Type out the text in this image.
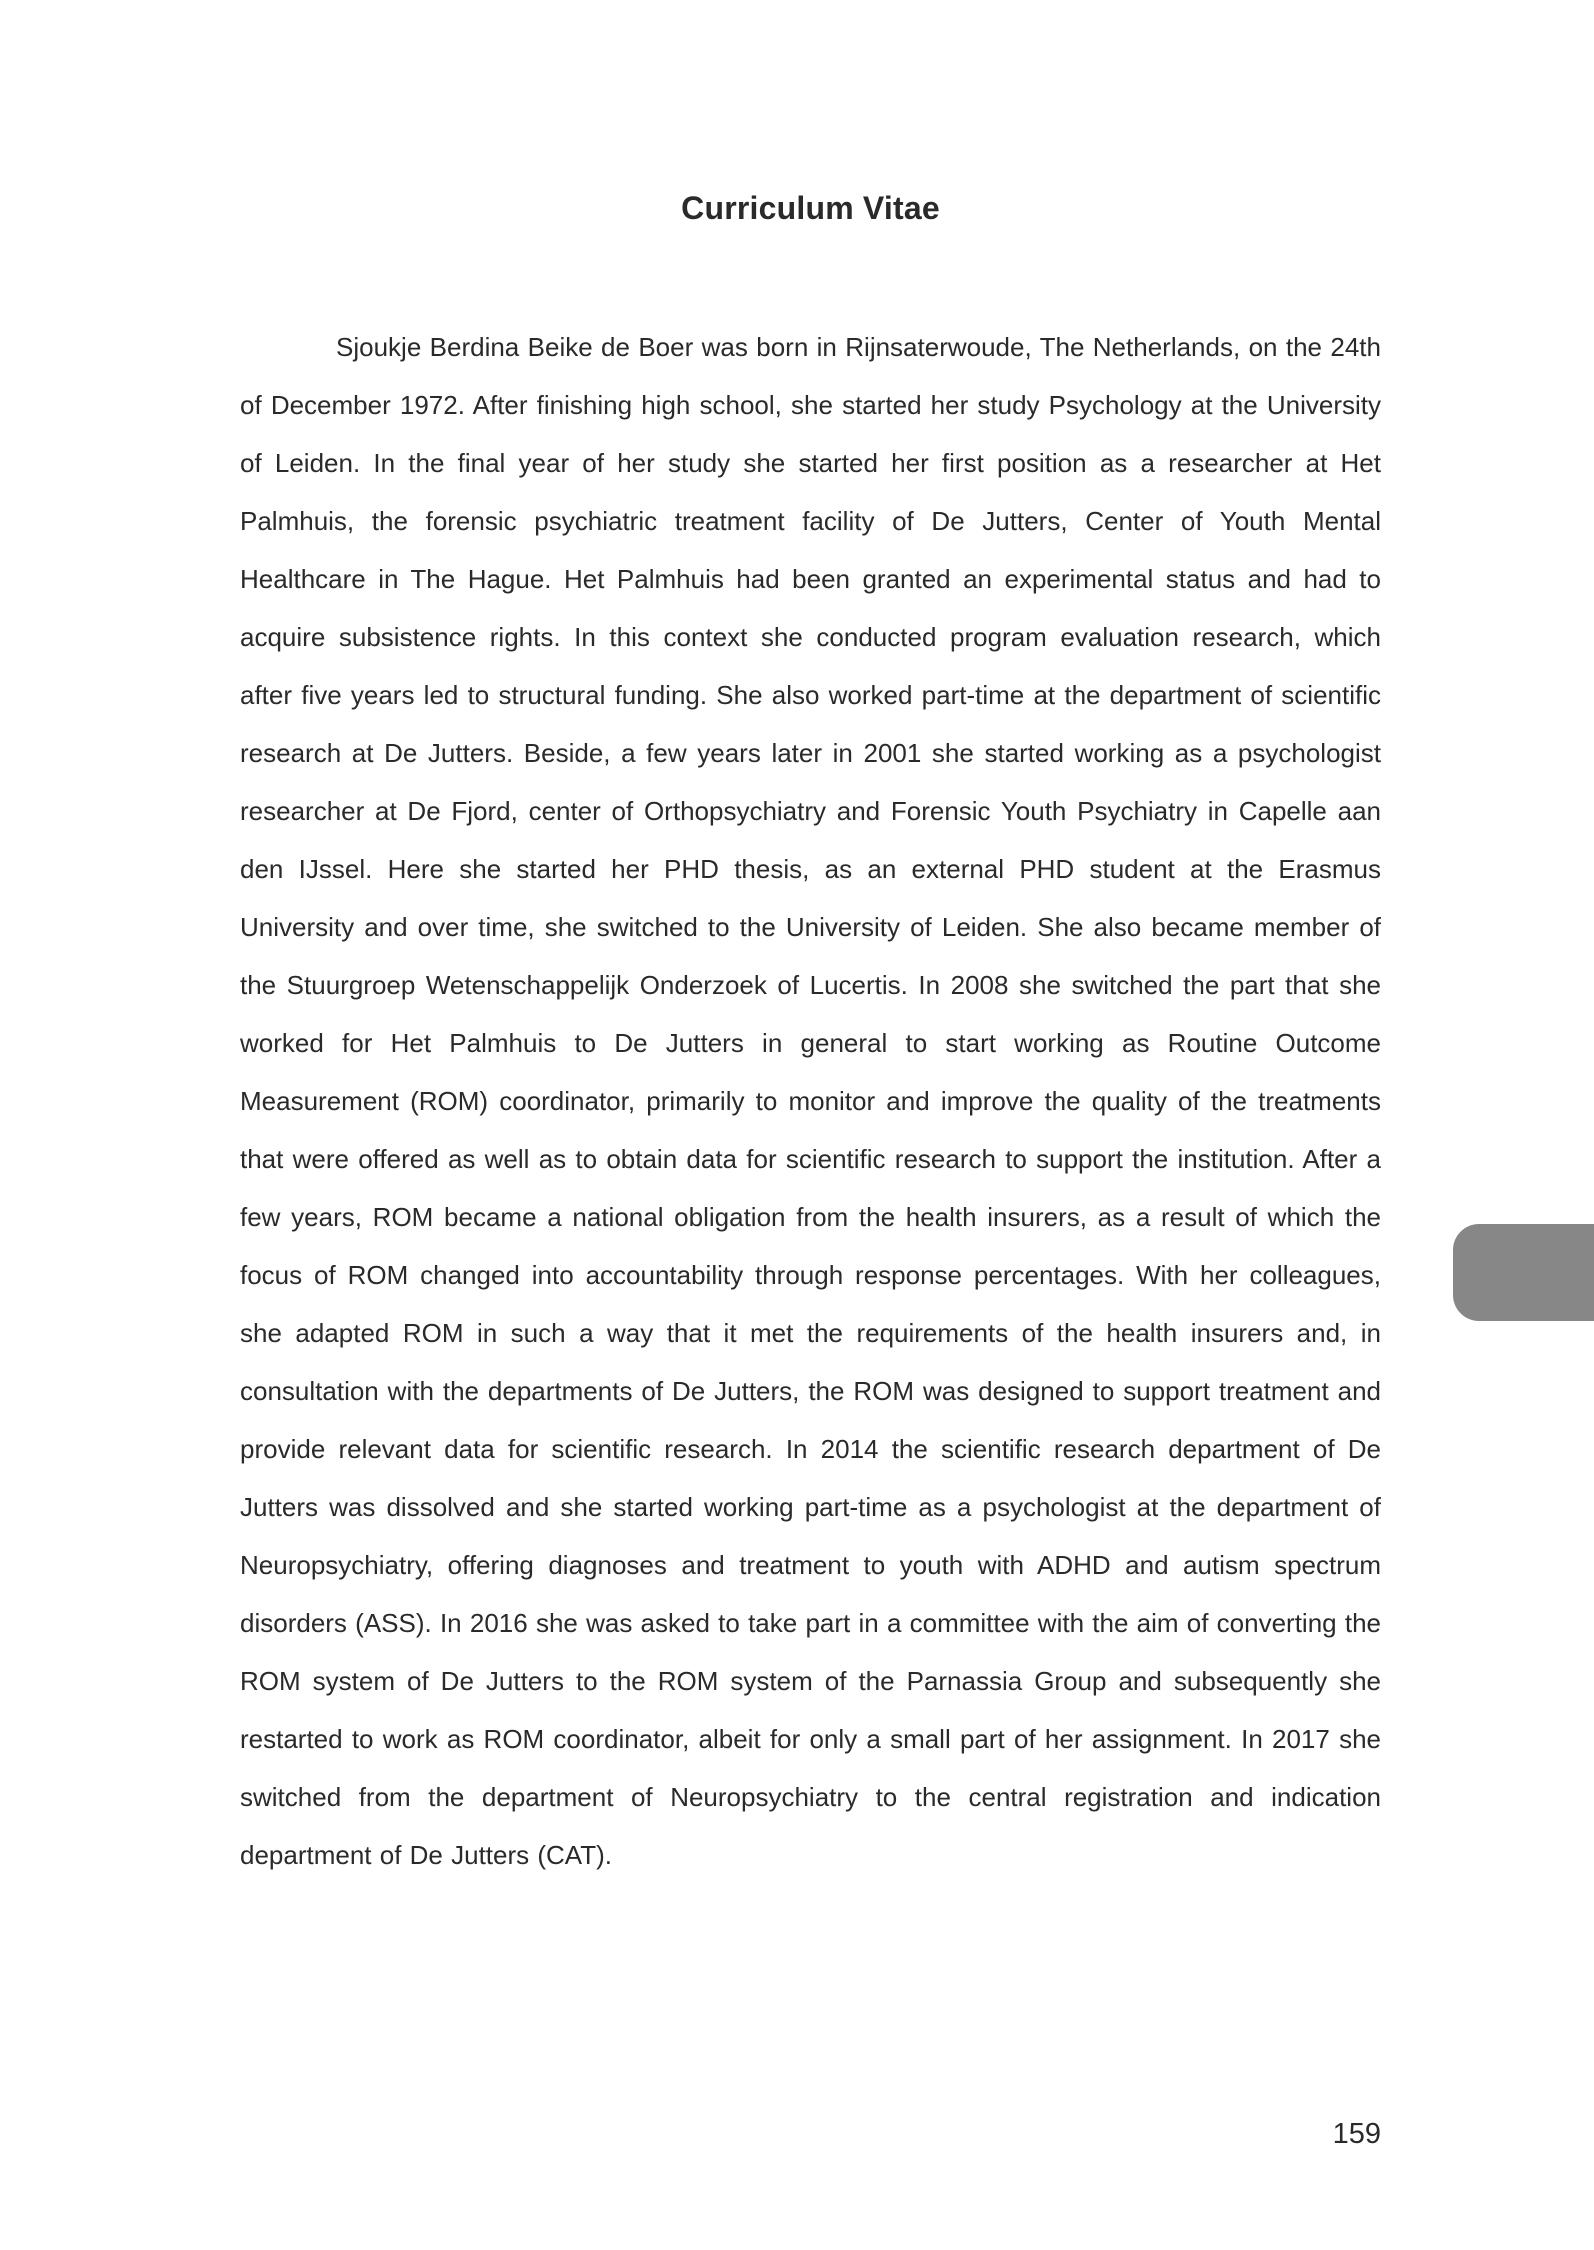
Curriculum Vitae

Sjoukje Berdina Beike de Boer was born in Rijnsaterwoude, The Netherlands, on the 24th of December 1972. After finishing high school, she started her study Psychology at the University of Leiden. In the final year of her study she started her first position as a researcher at Het Palmhuis, the forensic psychiatric treatment facility of De Jutters, Center of Youth Mental Healthcare in The Hague. Het Palmhuis had been granted an experimental status and had to acquire subsistence rights. In this context she conducted program evaluation research, which after five years led to structural funding. She also worked part-time at the department of scientific research at De Jutters. Beside, a few years later in 2001 she started working as a psychologist researcher at De Fjord, center of Orthopsychiatry and Forensic Youth Psychiatry in Capelle aan den IJssel. Here she started her PHD thesis, as an external PHD student at the Erasmus University and over time, she switched to the University of Leiden. She also became member of the Stuurgroep Wetenschappelijk Onderzoek of Lucertis. In 2008 she switched the part that she worked for Het Palmhuis to De Jutters in general to start working as Routine Outcome Measurement (ROM) coordinator, primarily to monitor and improve the quality of the treatments that were offered as well as to obtain data for scientific research to support the institution. After a few years, ROM became a national obligation from the health insurers, as a result of which the focus of ROM changed into accountability through response percentages. With her colleagues, she adapted ROM in such a way that it met the requirements of the health insurers and, in consultation with the departments of De Jutters, the ROM was designed to support treatment and provide relevant data for scientific research. In 2014 the scientific research department of De Jutters was dissolved and she started working part-time as a psychologist at the department of Neuropsychiatry, offering diagnoses and treatment to youth with ADHD and autism spectrum disorders (ASS). In 2016 she was asked to take part in a committee with the aim of converting the ROM system of De Jutters to the ROM system of the Parnassia Group and subsequently she restarted to work as ROM coordinator, albeit for only a small part of her assignment. In 2017 she switched from the department of Neuropsychiatry to the central registration and indication department of De Jutters (CAT).

159
